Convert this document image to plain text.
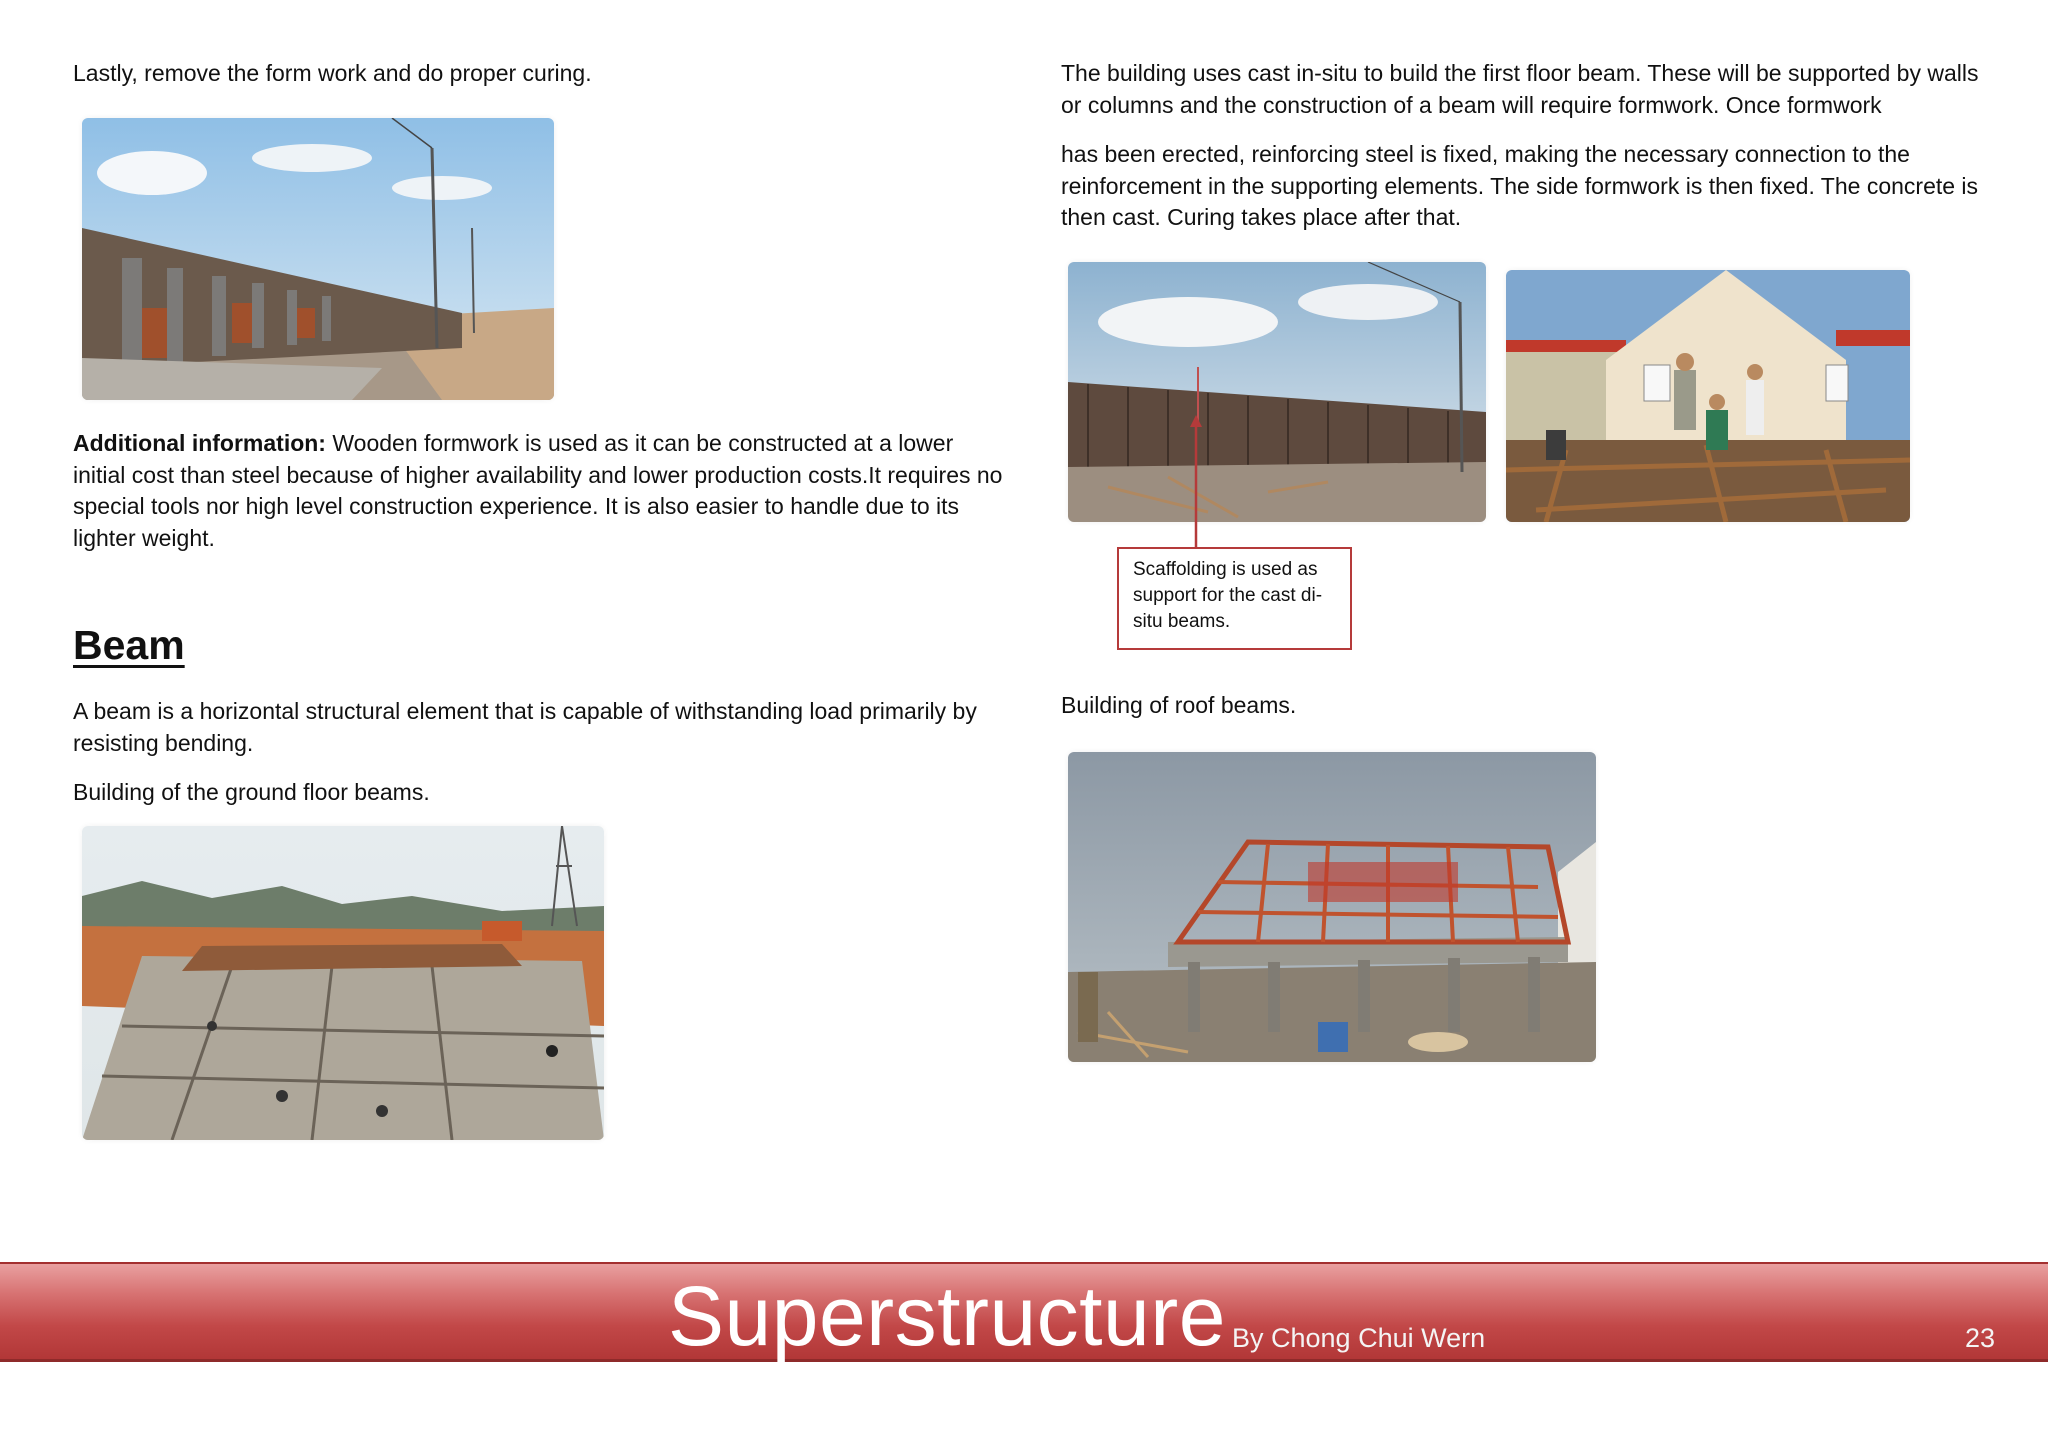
Lastly, remove the form work and do proper curing.

Additional information: Wooden formwork is used as it can be constructed at a lower initial cost than steel because of higher availability and lower production costs.It requires no special tools nor high level construction experience. It is also easier to handle due to its lighter weight.

Beam

A beam is a horizontal structural element that is capable of withstanding load primarily by resisting bending.

Building of the ground floor beams.

The building uses cast in-situ to build the first floor beam. These will be supported by walls or columns and the construction of a beam will require formwork. Once formwork

has been erected, reinforcing steel is fixed, making the necessary connection to the reinforcement in the supporting elements. The side formwork is then fixed. The concrete is then cast. Curing takes place after that.

Scaffolding is used as support for the cast di-situ beams.

Building of roof beams.

Superstructure By Chong Chui Wern	23
